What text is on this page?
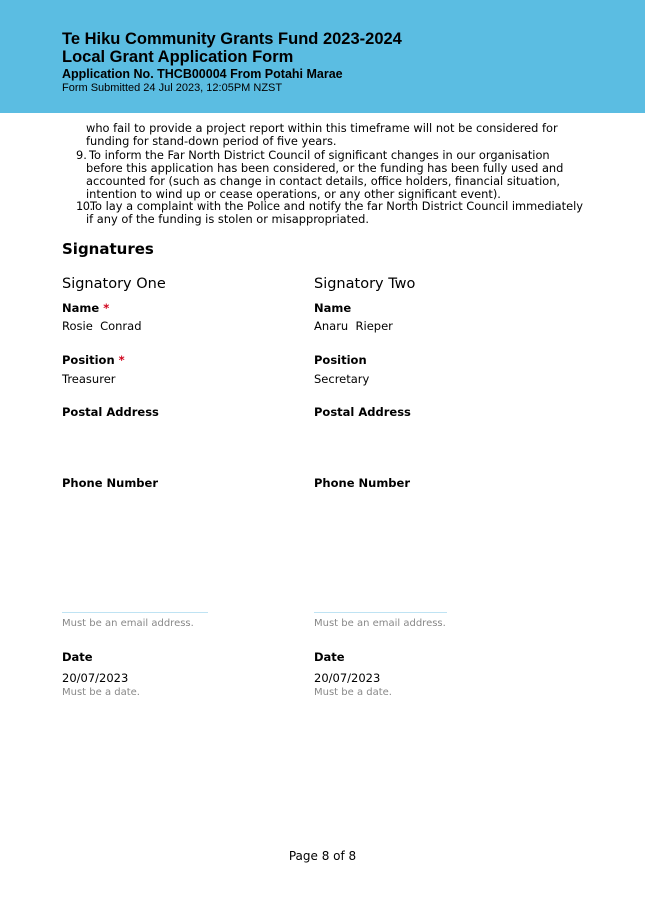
Te Hiku Community Grants Fund 2023-2024
Local Grant Application Form
Application No. THCB00004 From Potahi Marae
Form Submitted 24 Jul 2023, 12:05PM NZST
who fail to provide a project report within this timeframe will not be considered for
funding for stand-down period of five years.
9. To inform the Far North District Council of significant changes in our organisation
before this application has been considered, or the funding has been fully used and
accounted for (such as change in contact details, office holders, financial situation,
intention to wind up or cease operations, or any other significant event).
10.
To lay a complaint with the Police and notify the far North District Council immediately
if any of the funding is stolen or misappropriated.
Signatures
Signatory One
Name *
Rosie  Conrad
Position *
Treasurer
Postal Address
Phone Number
Must be an email address.
Date
20/07/2023
Must be a date.
Signatory Two
Name
Anaru  Rieper
Position
Secretary
Postal Address
Phone Number
Must be an email address.
Date
20/07/2023
Must be a date.
Page 8 of 8
